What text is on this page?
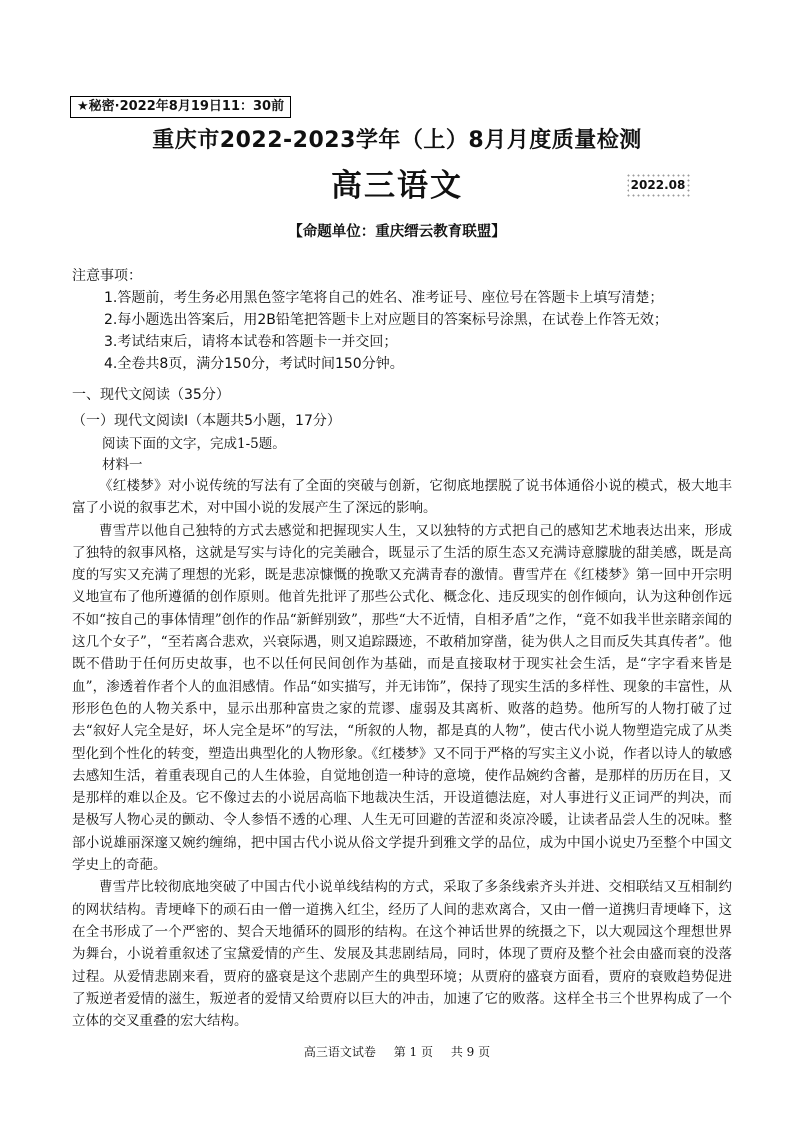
★秘密·2022年8月19日11：30前
重庆市2022-2023学年（上）8月月度质量检测
高三语文	2022.08
【命题单位：重庆缙云教育联盟】
注意事项：
1.答题前，考生务必用黑色签字笔将自己的姓名、准考证号、座位号在答题卡上填写清楚；
2.每小题选出答案后，用2B铅笔把答题卡上对应题目的答案标号涂黑，在试卷上作答无效；
3.考试结束后，请将本试卷和答题卡一并交回；
4.全卷共8页，满分150分，考试时间150分钟。
一、现代文阅读（35分）
（一）现代文阅读Ⅰ（本题共5小题，17分）
阅读下面的文字，完成1-5题。
材料一

《红楼梦》对小说传统的写法有了全面的突破与创新，它彻底地摆脱了说书体通俗小说的模式，极大地丰富了小说的叙事艺术，对中国小说的发展产生了深远的影响。

曹雪芹以他自己独特的方式去感觉和把握现实人生，又以独特的方式把自己的感知艺术地表达出来，形成了独特的叙事风格，这就是写实与诗化的完美融合，既显示了生活的原生态又充满诗意朦胧的甜美感，既是高度的写实又充满了理想的光彩，既是悲凉慷慨的挽歌又充满青春的激情。曹雪芹在《红楼梦》第一回中开宗明义地宣布了他所遵循的创作原则。他首先批评了那些公式化、概念化、违反现实的创作倾向，认为这种创作远不如“按自己的事体情理”创作的作品“新鲜别致”，那些“大不近情，自相矛盾”之作，“竟不如我半世亲睹亲闻的这几个女子”，“至若离合悲欢，兴衰际遇，则又追踪蹑迹，不敢稍加穿凿，徒为供人之目而反失其真传者”。他既不借助于任何历史故事，也不以任何民间创作为基础，而是直接取材于现实社会生活，是“字字看来皆是血”，渗透着作者个人的血泪感情。作品“如实描写，并无讳饰”，保持了现实生活的多样性、现象的丰富性，从形形色色的人物关系中，显示出那种富贵之家的荒谬、虚弱及其离析、败落的趋势。他所写的人物打破了过去“叙好人完全是好，坏人完全是坏”的写法，“所叙的人物，都是真的人物”，使古代小说人物塑造完成了从类型化到个性化的转变，塑造出典型化的人物形象。《红楼梦》又不同于严格的写实主义小说，作者以诗人的敏感去感知生活，着重表现自己的人生体验，自觉地创造一种诗的意境，使作品婉约含蓄，是那样的历历在目，又是那样的难以企及。它不像过去的小说居高临下地裁决生活，开设道德法庭，对人事进行义正词严的判决，而是极写人物心灵的颤动、令人参悟不透的心理、人生无可回避的苦涩和炎凉冷暖，让读者品尝人生的况味。整部小说雄丽深邃又婉约缠绵，把中国古代小说从俗文学提升到雅文学的品位，成为中国小说史乃至整个中国文学史上的奇葩。

曹雪芹比较彻底地突破了中国古代小说单线结构的方式，采取了多条线索齐头并进、交相联结又互相制约的网状结构。青埂峰下的顽石由一僧一道携入红尘，经历了人间的悲欢离合，又由一僧一道携归青埂峰下，这在全书形成了一个严密的、契合天地循环的圆形的结构。在这个神话世界的统摄之下，以大观园这个理想世界为舞台，小说着重叙述了宝黛爱情的产生、发展及其悲剧结局，同时，体现了贾府及整个社会由盛而衰的没落过程。从爱情悲剧来看，贾府的盛衰是这个悲剧产生的典型环境；从贾府的盛衰方面看，贾府的衰败趋势促进了叛逆者爱情的滋生，叛逆者的爱情又给贾府以巨大的冲击，加速了它的败落。这样全书三个世界构成了一个立体的交叉重叠的宏大结构。

高三语文试卷 第 1 页 共 9 页
